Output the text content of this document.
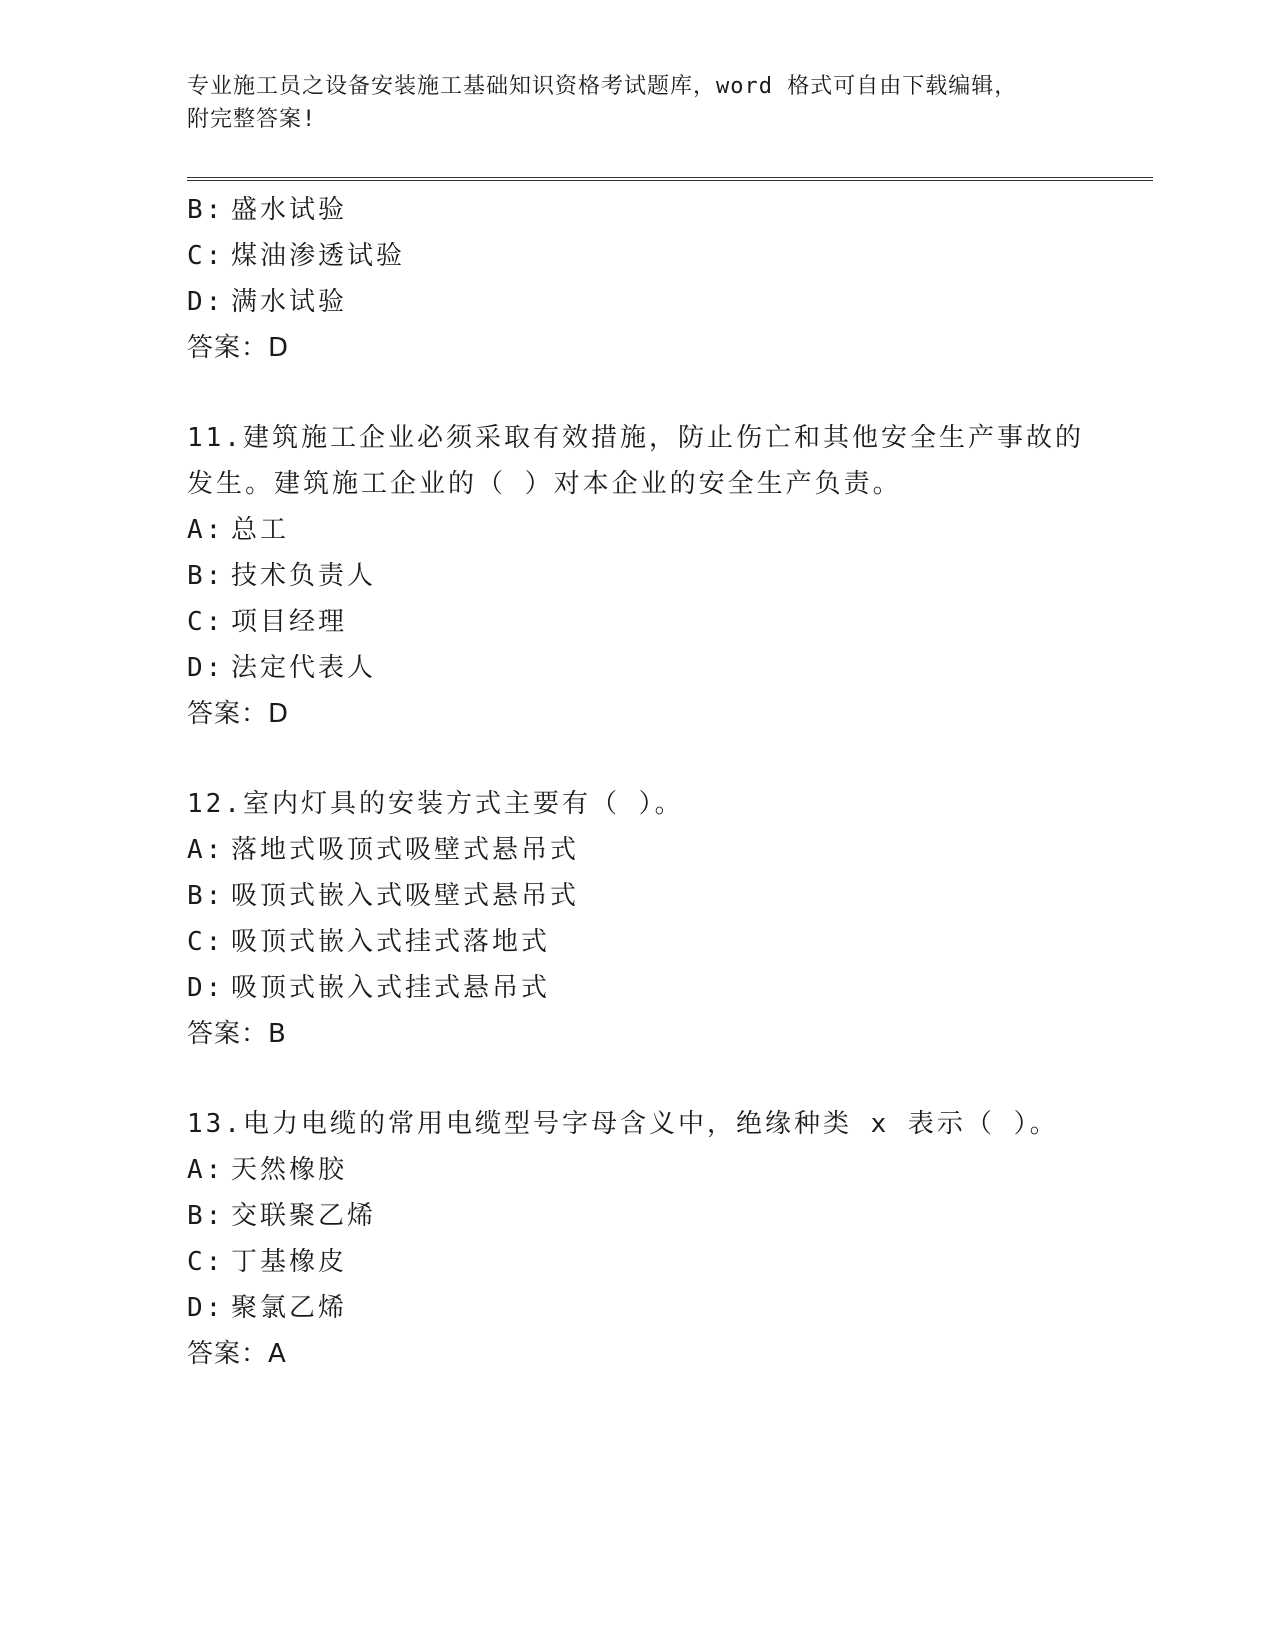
专业施工员之设备安装施工基础知识资格考试题库，word 格式可自由下载编辑，
附完整答案!
B: 盛水试验
C: 煤油渗透试验
D: 满水试验
答案：D
11.建筑施工企业必须采取有效措施，防止伤亡和其他安全生产事故的
发生。建筑施工企业的（ ）对本企业的安全生产负责。
A: 总工
B: 技术负责人
C: 项目经理
D: 法定代表人
答案：D
12.室内灯具的安装方式主要有（ ）。
A: 落地式吸顶式吸壁式悬吊式
B: 吸顶式嵌入式吸壁式悬吊式
C: 吸顶式嵌入式挂式落地式
D: 吸顶式嵌入式挂式悬吊式
答案：B
13.电力电缆的常用电缆型号字母含义中，绝缘种类 x 表示（ ）。
A: 天然橡胶
B: 交联聚乙烯
C: 丁基橡皮
D: 聚氯乙烯
答案：A
